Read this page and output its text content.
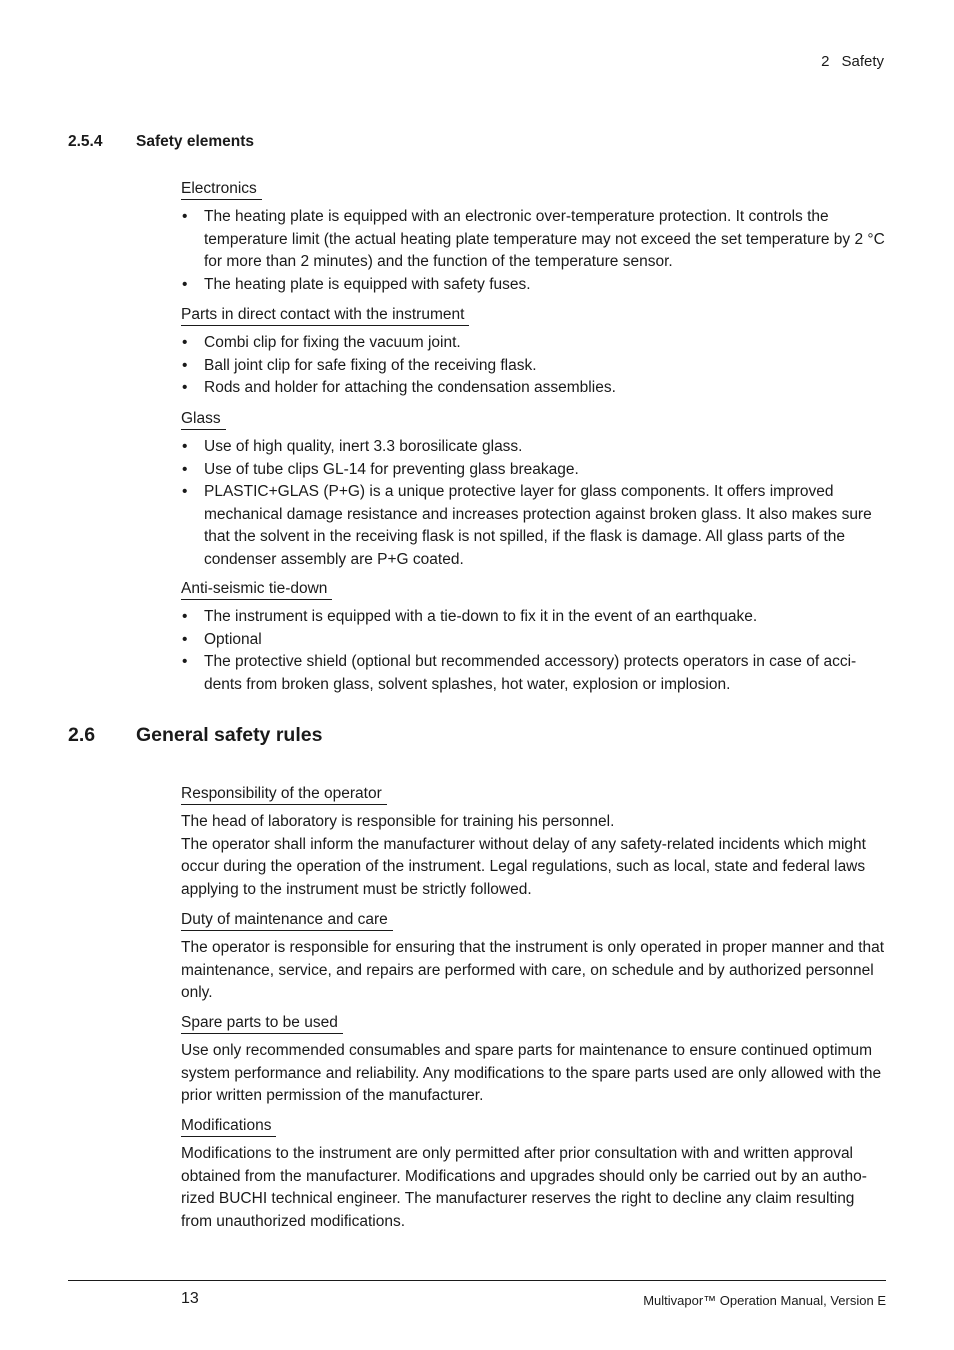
2 Safety
2.5.4 Safety elements
Electronics
• The heating plate is equipped with an electronic over-temperature protection. It controls the temperature limit (the actual heating plate temperature may not exceed the set temperature by 2 °C for more than 2 minutes) and the function of the temperature sensor.
• The heating plate is equipped with safety fuses.
Parts in direct contact with the instrument
• Combi clip for fixing the vacuum joint.
• Ball joint clip for safe fixing of the receiving flask.
• Rods and holder for attaching the condensation assemblies.
Glass
• Use of high quality, inert 3.3 borosilicate glass.
• Use of tube clips GL-14 for preventing glass breakage.
• PLASTIC+GLAS (P+G) is a unique protective layer for glass components. It offers improved mechanical damage resistance and increases protection against broken glass. It also makes sure that the solvent in the receiving flask is not spilled, if the flask is damage. All glass parts of the condenser assembly are P+G coated.
Anti-seismic tie-down
• The instrument is equipped with a tie-down to fix it in the event of an earthquake.
• Optional
• The protective shield (optional but recommended accessory) protects operators in case of acci-dents from broken glass, solvent splashes, hot water, explosion or implosion.
2.6 General safety rules
Responsibility of the operator

The head of laboratory is responsible for training his personnel.

The operator shall inform the manufacturer without delay of any safety-related incidents which might occur during the operation of the instrument. Legal regulations, such as local, state and federal laws applying to the instrument must be strictly followed.

Duty of maintenance and care

The operator is responsible for ensuring that the instrument is only operated in proper manner and that maintenance, service, and repairs are performed with care, on schedule and by authorized personnel only.

Spare parts to be used

Use only recommended consumables and spare parts for maintenance to ensure continued optimum system performance and reliability. Any modifications to the spare parts used are only allowed with the prior written permission of the manufacturer.

Modifications

Modifications to the instrument are only permitted after prior consultation with and written approval obtained from the manufacturer. Modifications and upgrades should only be carried out by an autho-rized BUCHI technical engineer. The manufacturer reserves the right to decline any claim resulting from unauthorized modifications.

13	Multivapor™ Operation Manual, Version E
